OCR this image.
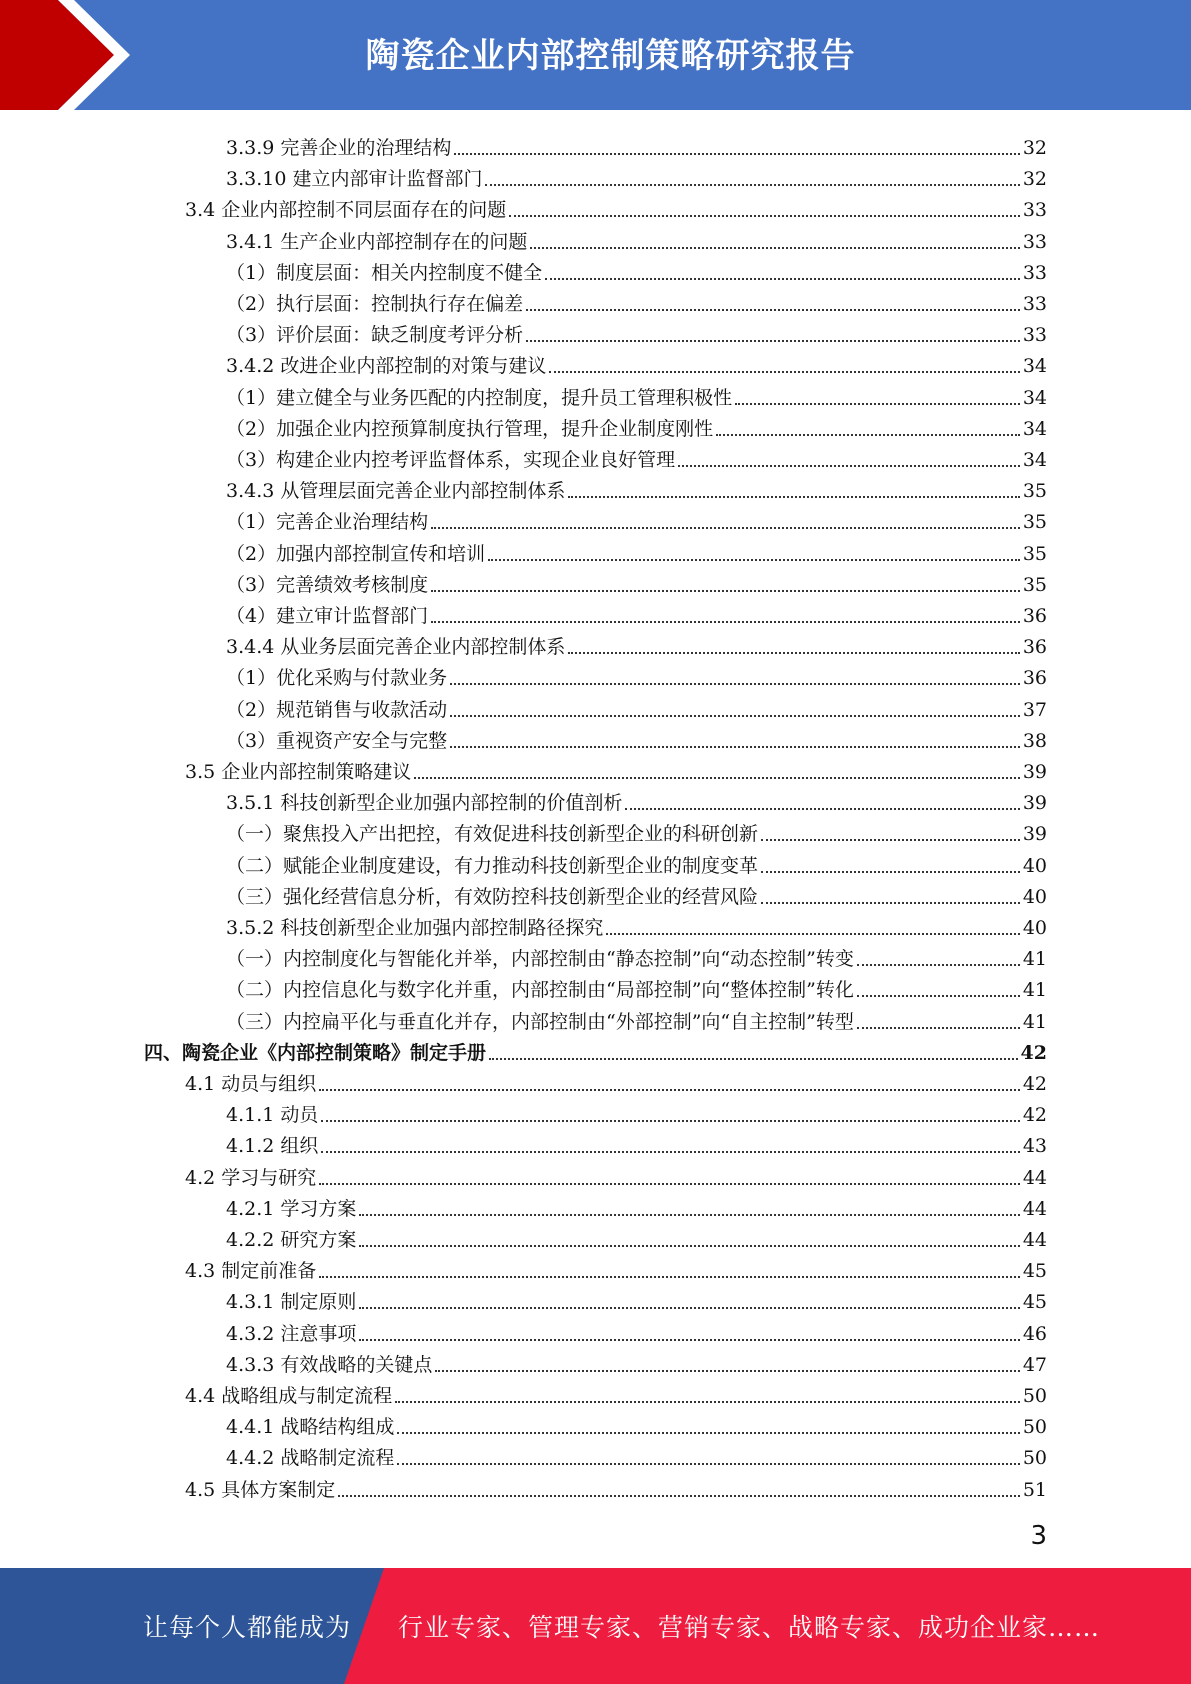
陶瓷企业内部控制策略研究报告
3.3.9 完善企业的治理结构	32
3.3.10 建立内部审计监督部门	32
3.4 企业内部控制不同层面存在的问题	33
3.4.1 生产企业内部控制存在的问题	33
（1）制度层面：相关内控制度不健全	33
（2）执行层面：控制执行存在偏差	33
（3）评价层面：缺乏制度考评分析	33
3.4.2 改进企业内部控制的对策与建议	34
（1）建立健全与业务匹配的内控制度，提升员工管理积极性	34
（2）加强企业内控预算制度执行管理，提升企业制度刚性	34
（3）构建企业内控考评监督体系，实现企业良好管理	34
3.4.3 从管理层面完善企业内部控制体系	35
（1）完善企业治理结构	35
（2）加强内部控制宣传和培训	35
（3）完善绩效考核制度	35
（4）建立审计监督部门	36
3.4.4 从业务层面完善企业内部控制体系	36
（1）优化采购与付款业务	36
（2）规范销售与收款活动	37
（3）重视资产安全与完整	38
3.5 企业内部控制策略建议	39
3.5.1 科技创新型企业加强内部控制的价值剖析	39
（一）聚焦投入产出把控，有效促进科技创新型企业的科研创新	39
（二）赋能企业制度建设，有力推动科技创新型企业的制度变革	40
（三）强化经营信息分析，有效防控科技创新型企业的经营风险	40
3.5.2 科技创新型企业加强内部控制路径探究	40
（一）内控制度化与智能化并举，内部控制由“静态控制”向“动态控制”转变	41
（二）内控信息化与数字化并重，内部控制由“局部控制”向“整体控制”转化	41
（三）内控扁平化与垂直化并存，内部控制由“外部控制”向“自主控制”转型	41
四、陶瓷企业《内部控制策略》制定手册	42
4.1 动员与组织	42
4.1.1 动员	42
4.1.2 组织	43
4.2 学习与研究	44
4.2.1 学习方案	44
4.2.2 研究方案	44
4.3 制定前准备	45
4.3.1 制定原则	45
4.3.2 注意事项	46
4.3.3 有效战略的关键点	47
4.4 战略组成与制定流程	50
4.4.1 战略结构组成	50
4.4.2 战略制定流程	50
4.5 具体方案制定	51
3
让每个人都能成为 行业专家、管理专家、营销专家、战略专家、成功企业家……
